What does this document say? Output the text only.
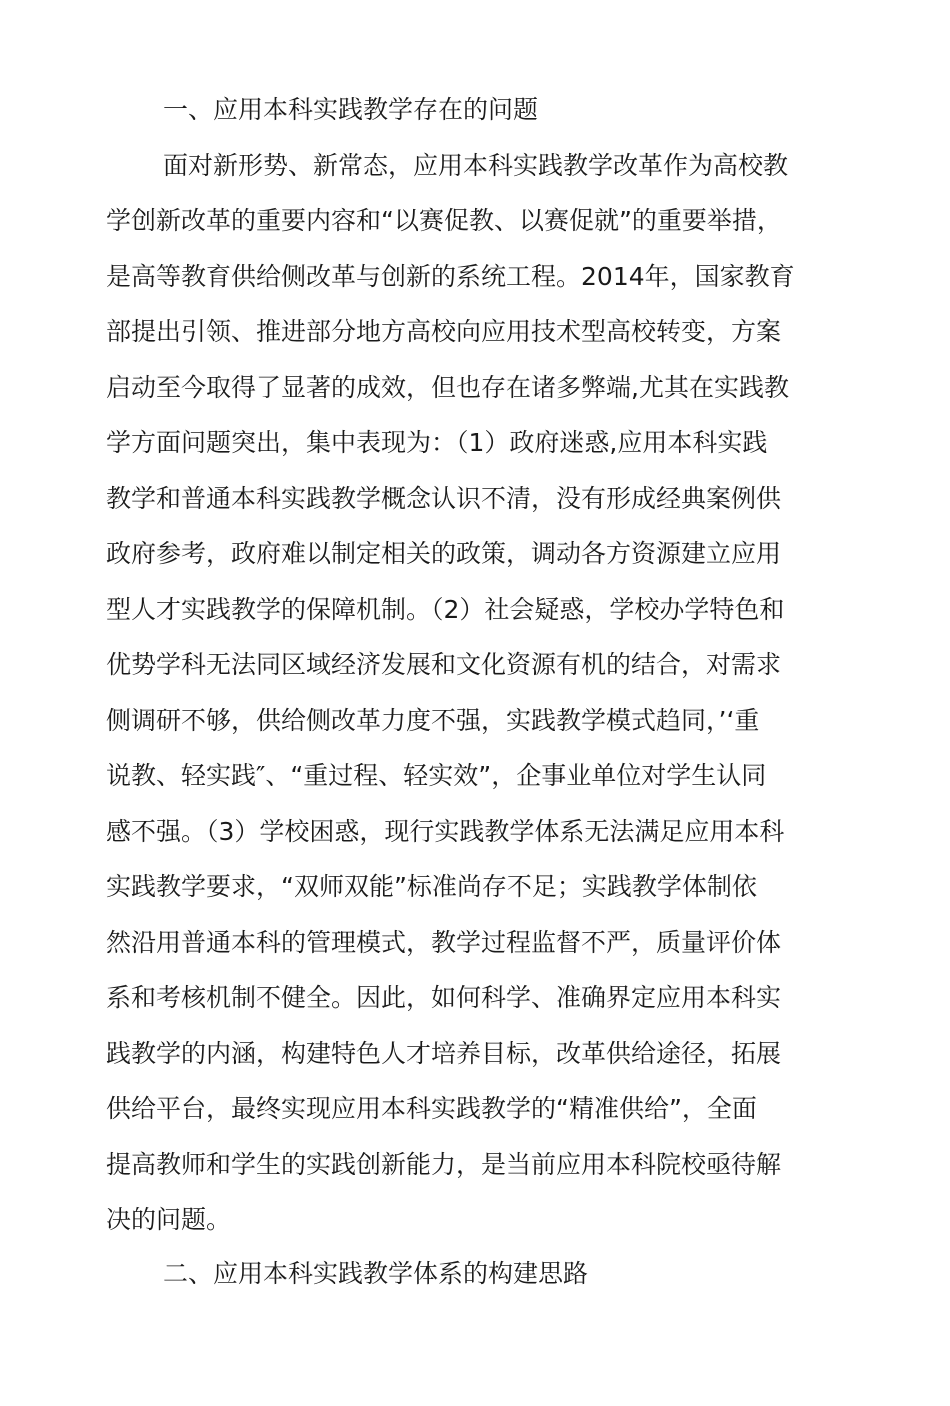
一、应用本科实践教学存在的问题
面对新形势、新常态，应用本科实践教学改革作为高校教
学创新改革的重要内容和“以赛促教、以赛促就”的重要举措，
是高等教育供给侧改革与创新的系统工程。2014年，国家教育
部提出引领、推进部分地方高校向应用技术型高校转变，方案
启动至今取得了显著的成效，但也存在诸多弊端,尤其在实践教
学方面问题突出，集中表现为：（1）政府迷惑,应用本科实践
教学和普通本科实践教学概念认识不清，没有形成经典案例供
政府参考，政府难以制定相关的政策，调动各方资源建立应用
型人才实践教学的保障机制。（2）社会疑惑，学校办学特色和
优势学科无法同区域经济发展和文化资源有机的结合，对需求
侧调研不够，供给侧改革力度不强，实践教学模式趋同，’‘重
说教、轻实践″、“重过程、轻实效”，企事业单位对学生认同
感不强。（3）学校困惑，现行实践教学体系无法满足应用本科
实践教学要求，“双师双能”标准尚存不足；实践教学体制依
然沿用普通本科的管理模式，教学过程监督不严，质量评价体
系和考核机制不健全。因此，如何科学、准确界定应用本科实
践教学的内涵，构建特色人才培养目标，改革供给途径，拓展
供给平台，最终实现应用本科实践教学的“精准供给”，全面
提高教师和学生的实践创新能力，是当前应用本科院校亟待解
决的问题。
二、应用本科实践教学体系的构建思路
